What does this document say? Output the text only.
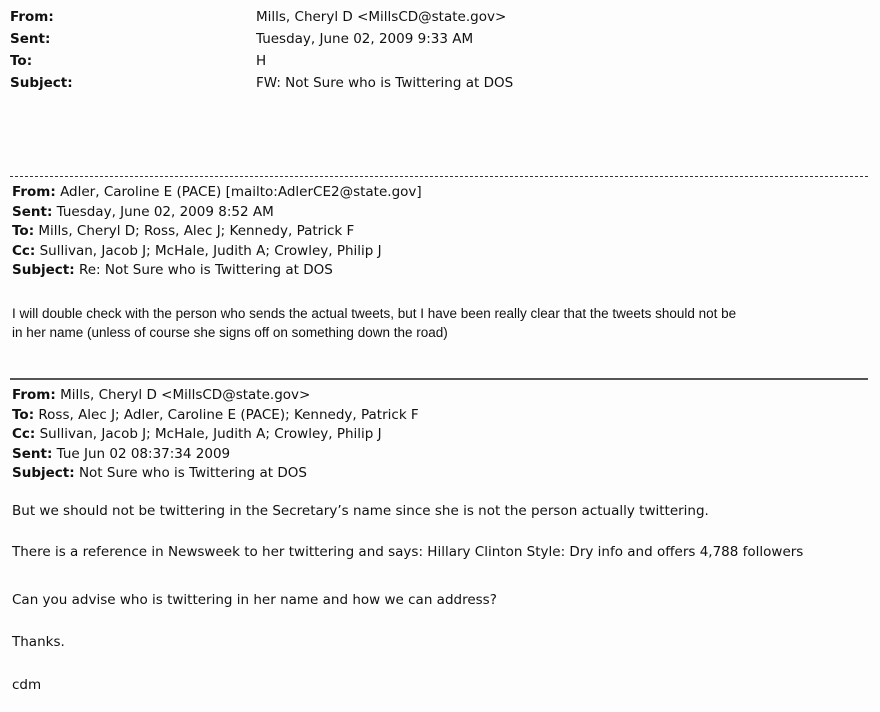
From:	Mills, Cheryl D <MillsCD@state.gov>
Sent:	Tuesday, June 02, 2009 9:33 AM
To:	H
Subject:	FW: Not Sure who is Twittering at DOS
From: Adler, Caroline E (PACE) [mailto:AdlerCE2@state.gov]
Sent: Tuesday, June 02, 2009 8:52 AM
To: Mills, Cheryl D; Ross, Alec J; Kennedy, Patrick F
Cc: Sullivan, Jacob J; McHale, Judith A; Crowley, Philip J
Subject: Re: Not Sure who is Twittering at DOS
I will double check with the person who sends the actual tweets, but I have been really clear that the tweets should not be
in her name (unless of course she signs off on something down the road)
From: Mills, Cheryl D <MillsCD@state.gov>
To: Ross, Alec J; Adler, Caroline E (PACE); Kennedy, Patrick F
Cc: Sullivan, Jacob J; McHale, Judith A; Crowley, Philip J
Sent: Tue Jun 02 08:37:34 2009
Subject: Not Sure who is Twittering at DOS
But we should not be twittering in the Secretary’s name since she is not the person actually twittering.
There is a reference in Newsweek to her twittering and says: Hillary Clinton Style: Dry info and offers 4,788 followers
Can you advise who is twittering in her name and how we can address?
Thanks.
cdm
